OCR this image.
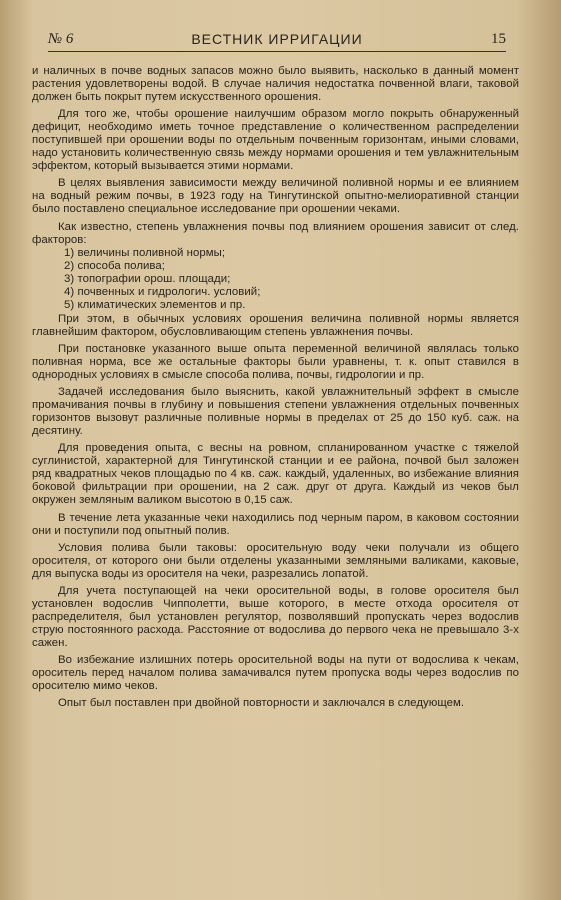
№ 6	ВЕСТНИК ИРРИГАЦИИ	15

и наличных в почве водных запасов можно было выявить, насколько в данный момент растения удовлетворены водой. В случае наличия недостатка почвенной влаги, таковой должен быть покрыт путем искусственного орошения.

Для того же, чтобы орошение наилучшим образом могло покрыть обнаруженный дефицит, необходимо иметь точное представление о количественном распределении поступившей при орошении воды по отдельным почвенным горизонтам, иными словами, надо установить количественную связь между нормами орошения и тем увлажнительным эффектом, который вызывается этими нормами.

В целях выявления зависимости между величиной поливной нормы и ее влиянием на водный режим почвы, в 1923 году на Тингутинской опытно-мелиоративной станции было поставлено специальное исследование при орошении чеками.

Как известно, степень увлажнения почвы под влиянием орошения зависит от след. факторов:

1) величины поливной нормы;
2) способа полива;
3) топографии орош. площади;
4) почвенных и гидрологич. условий;
5) климатических элементов и пр.

При этом, в обычных условиях орошения величина поливной нормы является главнейшим фактором, обусловливающим степень увлажнения почвы.

При постановке указанного выше опыта переменной величиной являлась только поливная норма, все же остальные факторы были уравнены, т. к. опыт ставился в однородных условиях в смысле способа полива, почвы, гидрологии и пр.

Задачей исследования было выяснить, какой увлажнительный эффект в смысле промачивания почвы в глубину и повышения степени увлажнения отдельных почвенных горизонтов вызовут различные поливные нормы в пределах от 25 до 150 куб. саж. на десятину.

Для проведения опыта, с весны на ровном, спланированном участке с тяжелой суглинистой, характерной для Тингутинской станции и ее района, почвой был заложен ряд квадратных чеков площадью по 4 кв. саж. каждый, удаленных, во избежание влияния боковой фильтрации при орошении, на 2 саж. друг от друга. Каждый из чеков был окружен земляным валиком высотою в 0,15 саж.

В течение лета указанные чеки находились под черным паром, в каковом состоянии они и поступили под опытный полив.

Условия полива были таковы: оросительную воду чеки получали из общего оросителя, от которого они были отделены указанными земляными валиками, каковые, для выпуска воды из оросителя на чеки, разрезались лопатой.

Для учета поступающей на чеки оросительной воды, в голове оросителя был установлен водослив Чиппoлетти, выше которого, в месте отхода оросителя от распределителя, был установлен регулятор, позволявший пропускать через водослив струю постоянного расхода. Расстояние от водослива до первого чека не превышало 3-х сажен.

Во избежание излишних потерь оросительной воды на пути от водослива к чекам, ороситель перед началом полива замачивался путем пропуска воды через водослив по оросителю мимо чеков.

Опыт был поставлен при двойной повторности и заключался в следующем.
